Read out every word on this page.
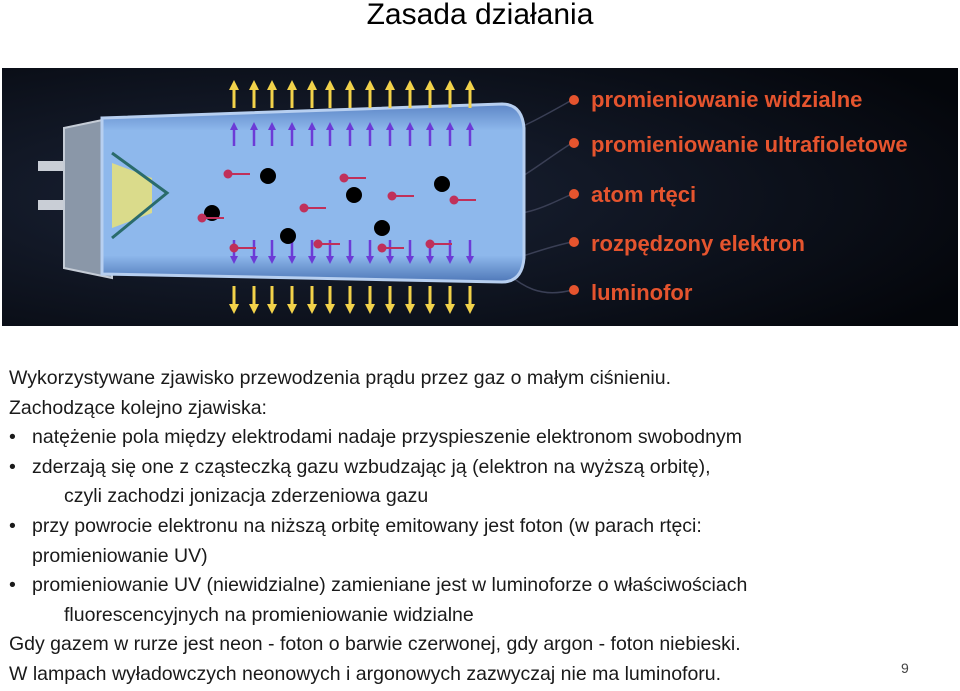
Zasada działania
promieniowanie widzialne
promieniowanie ultrafioletowe
atom rtęci
rozpędzony elektron
luminofor
Wykorzystywane zjawisko przewodzenia prądu przez gaz o małym ciśnieniu.
Zachodzące kolejno zjawiska:
• natężenie pola między elektrodami nadaje przyspieszenie elektronom swobodnym
• zderzają się one z cząsteczką gazu wzbudzając ją (elektron na wyższą orbitę),
czyli zachodzi jonizacja zderzeniowa gazu
• przy powrocie elektronu na niższą orbitę emitowany jest foton (w parach rtęci:
promieniowanie UV)
• promieniowanie UV (niewidzialne) zamieniane jest w luminoforze o właściwościach
fluorescencyjnych na promieniowanie widzialne
Gdy gazem w rurze jest neon - foton o barwie czerwonej, gdy argon - foton niebieski.
W lampach wyładowczych neonowych i argonowych zazwyczaj nie ma luminoforu.	9
